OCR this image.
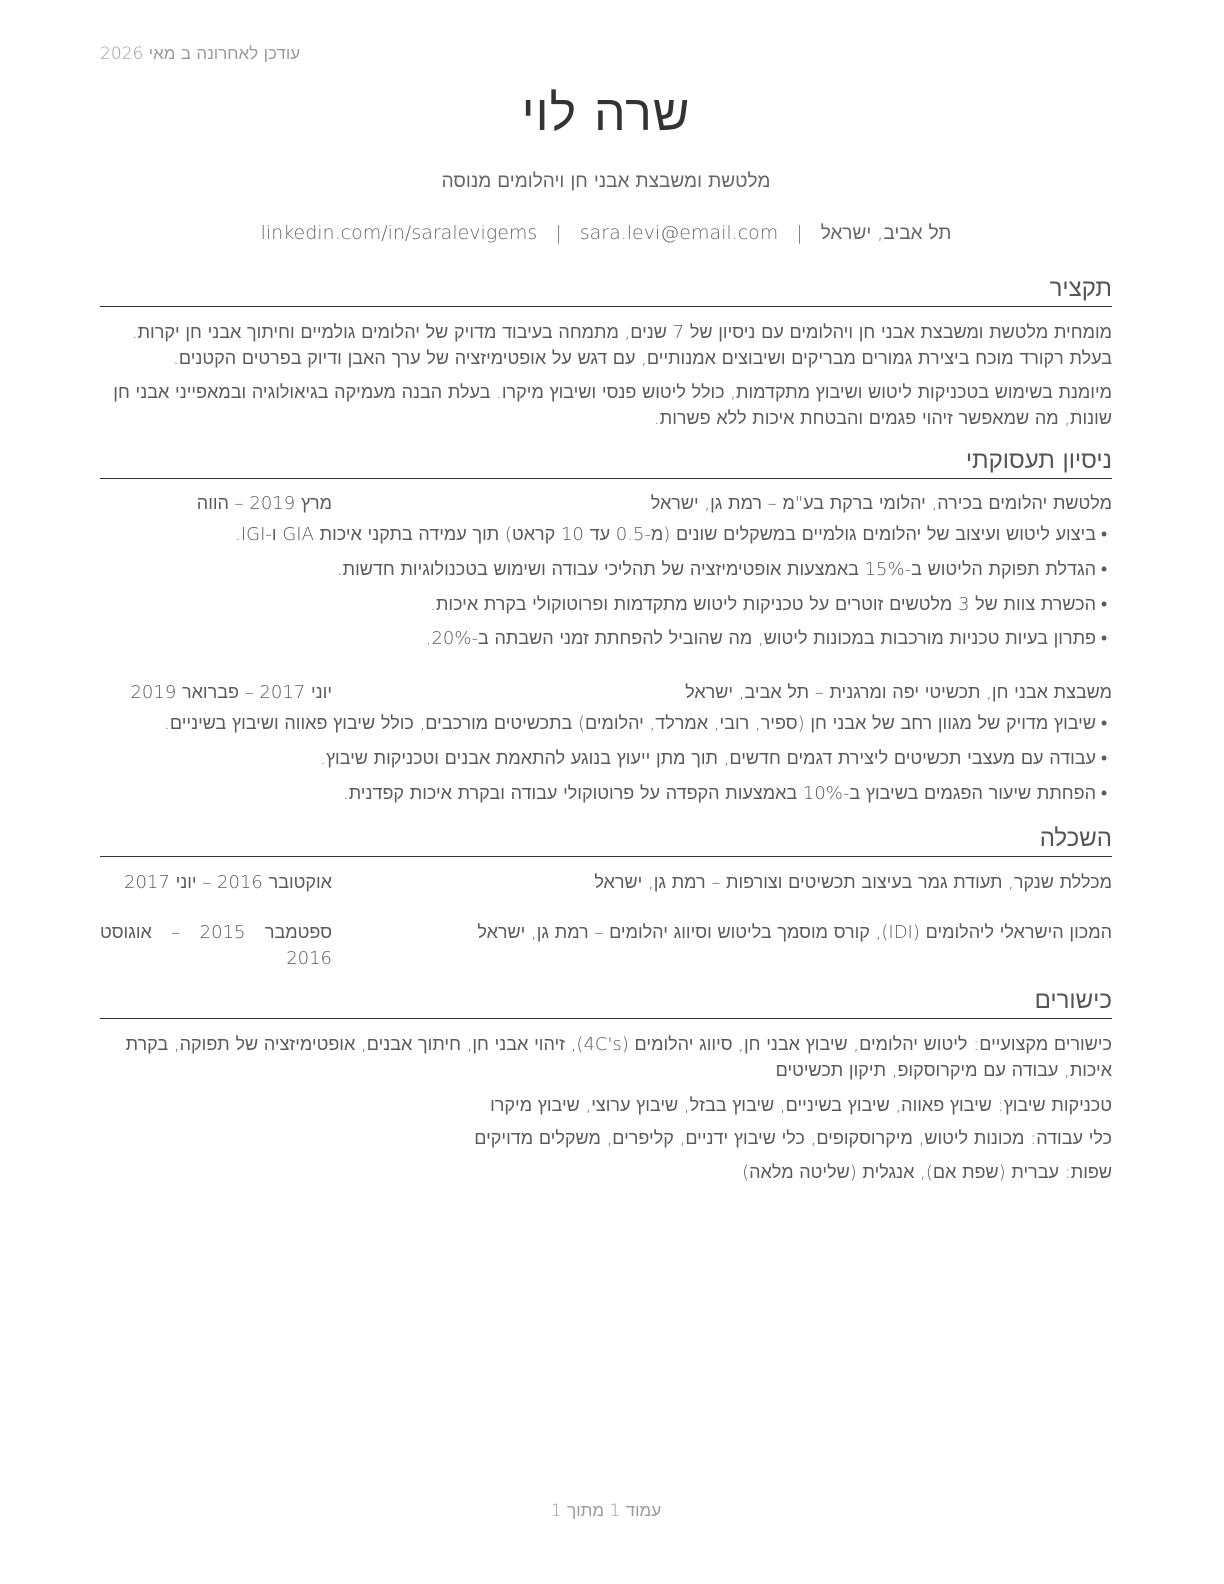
עודכן לאחרונה ב מאי 2026
שרה לוי
מלטשת ומשבצת אבני חן ויהלומים מנוסה
תל אביב, ישראל|sara.levi@email.com|linkedin.com/in/saralevigems
תקציר
מומחית מלטשת ומשבצת אבני חן ויהלומים עם ניסיון של 7 שנים, מתמחה בעיבוד מדויק של יהלומים גולמיים וחיתוך אבני חן יקרות. בעלת רקורד מוכח ביצירת גמורים מבריקים ושיבוצים אמנותיים, עם דגש על אופטימיזציה של ערך האבן ודיוק בפרטים הקטנים.
מיומנת בשימוש בטכניקות ליטוש ושיבוץ מתקדמות, כולל ליטוש פנסי ושיבוץ מיקרו. בעלת הבנה מעמיקה בגיאולוגיה ובמאפייני אבני חן שונות, מה שמאפשר זיהוי פגמים והבטחת איכות ללא פשרות.
ניסיון תעסוקתי
מלטשת יהלומים בכירה, יהלומי ברקת בע"מ – רמת גן, ישראל
מרץ 2019 – הווה
•ביצוע ליטוש ועיצוב של יהלומים גולמיים במשקלים שונים (מ-0.5 עד 10 קראט) תוך עמידה בתקני איכות GIA ו-IGI.
•הגדלת תפוקת הליטוש ב-15% באמצעות אופטימיזציה של תהליכי עבודה ושימוש בטכנולוגיות חדשות.
•הכשרת צוות של 3 מלטשים זוטרים על טכניקות ליטוש מתקדמות ופרוטוקולי בקרת איכות.
•פתרון בעיות טכניות מורכבות במכונות ליטוש, מה שהוביל להפחתת זמני השבתה ב-20%.
משבצת אבני חן, תכשיטי יפה ומרגנית – תל אביב, ישראל
יוני 2017 – פברואר 2019
•שיבוץ מדויק של מגוון רחב של אבני חן (ספיר, רובי, אמרלד, יהלומים) בתכשיטים מורכבים, כולל שיבוץ פאווה ושיבוץ בשיניים.
•עבודה עם מעצבי תכשיטים ליצירת דגמים חדשים, תוך מתן ייעוץ בנוגע להתאמת אבנים וטכניקות שיבוץ.
•הפחתת שיעור הפגמים בשיבוץ ב-10% באמצעות הקפדה על פרוטוקולי עבודה ובקרת איכות קפדנית.
השכלה
מכללת שנקר, תעודת גמר בעיצוב תכשיטים וצורפות – רמת גן, ישראל
אוקטובר 2016 – יוני 2017
המכון הישראלי ליהלומים (IDI), קורס מוסמך בליטוש וסיווג יהלומים – רמת גן, ישראל
ספטמבר 2015 – אוגוסט 2016
כישורים
כישורים מקצועיים: ליטוש יהלומים, שיבוץ אבני חן, סיווג יהלומים (4C's), זיהוי אבני חן, חיתוך אבנים, אופטימיזציה של תפוקה, בקרת איכות, עבודה עם מיקרוסקופ, תיקון תכשיטים
טכניקות שיבוץ: שיבוץ פאווה, שיבוץ בשיניים, שיבוץ בבזל, שיבוץ ערוצי, שיבוץ מיקרו
כלי עבודה: מכונות ליטוש, מיקרוסקופים, כלי שיבוץ ידניים, קליפרים, משקלים מדויקים
שפות: עברית (שפת אם), אנגלית (שליטה מלאה)
עמוד 1 מתוך 1
